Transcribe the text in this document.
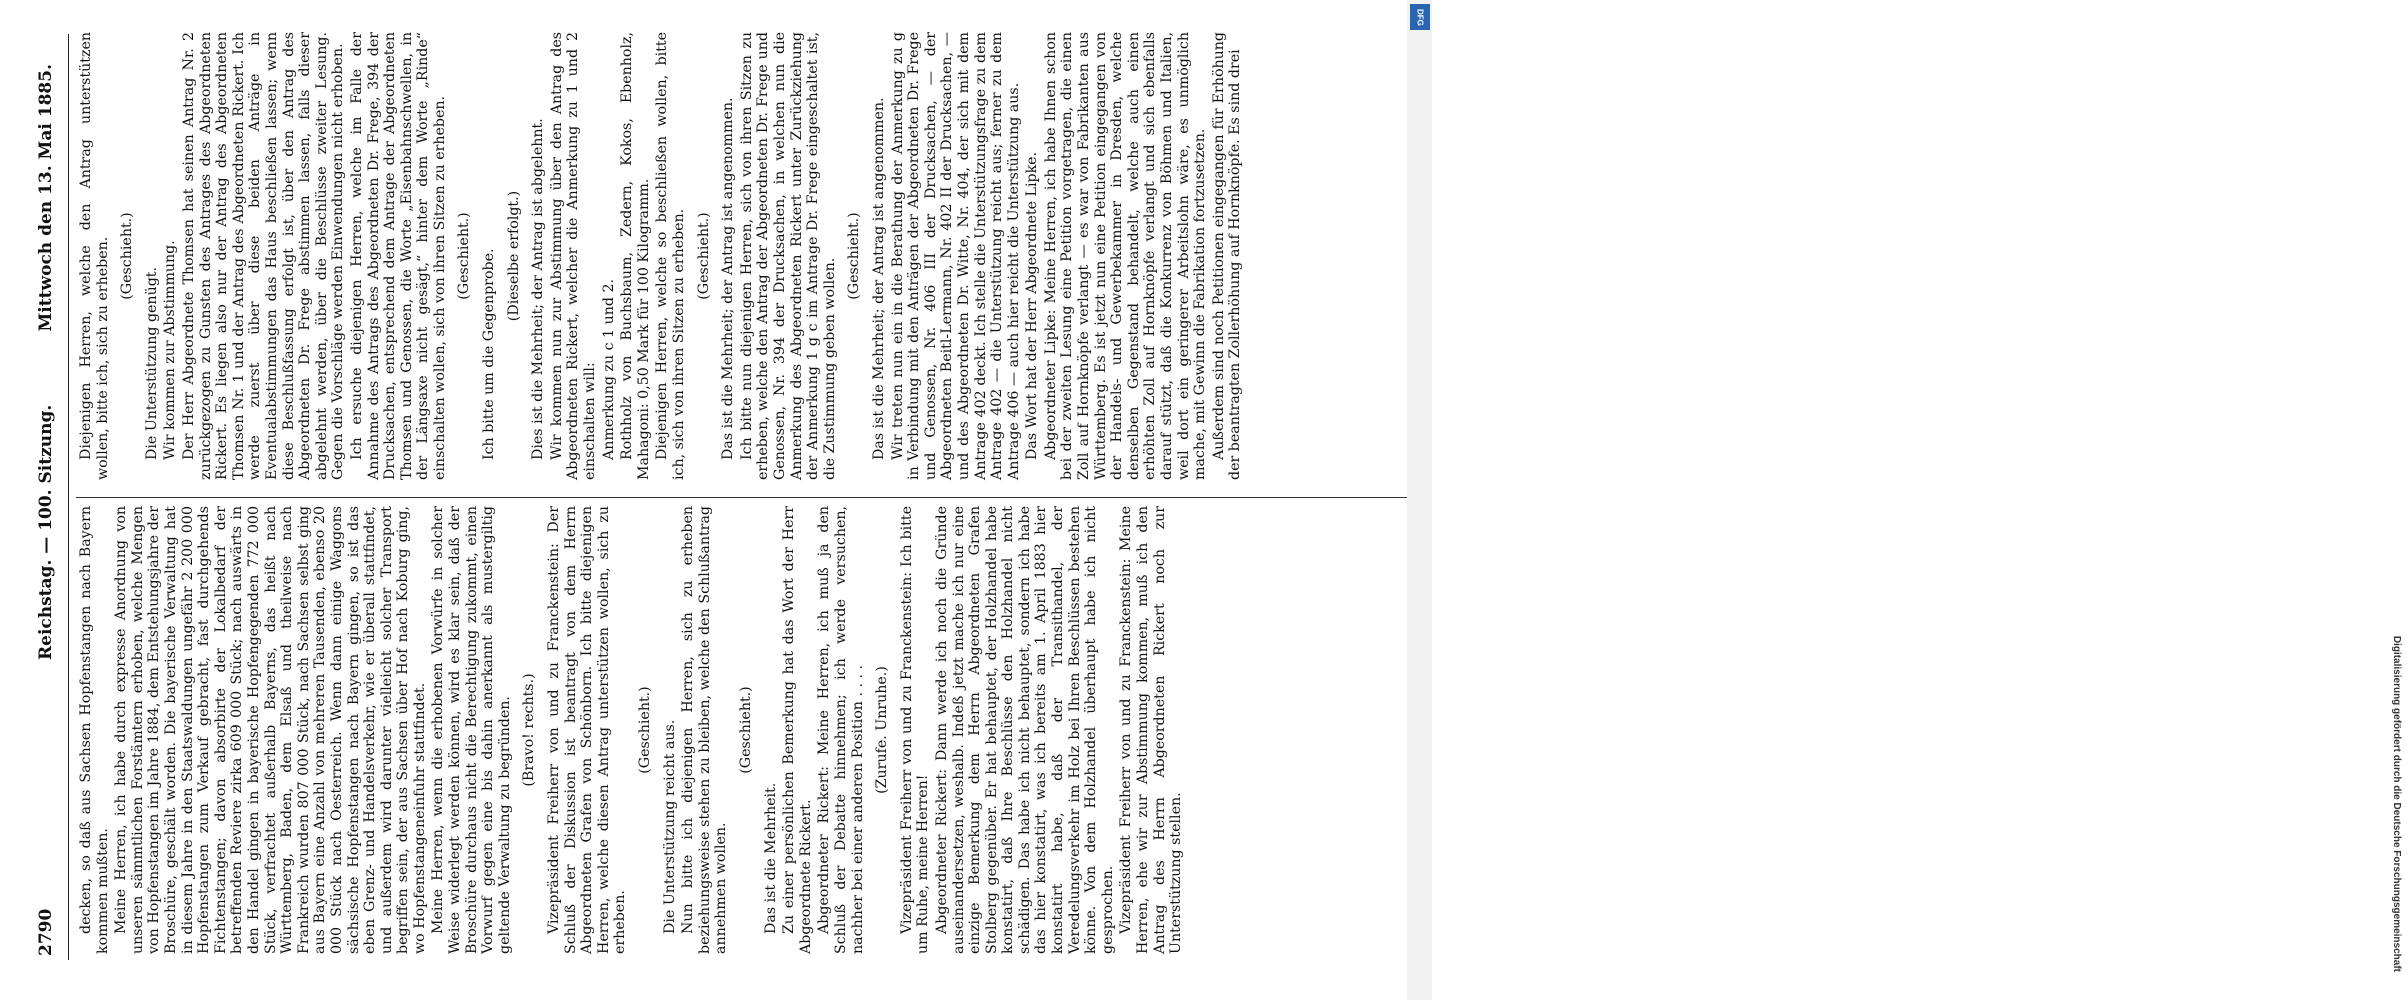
2790
Reichstag. — 100. Sitzung.
Mittwoch den 13. Mai 1885.

decken, so daß aus Sachsen Hopfenstangen nach Bayern kommen mußten. Meine Herren, ich habe durch expresse Anordnung von unseren sämmtlichen Forstämtern erhoben, welche Mengen von Hopfenstangen im Jahre 1884, dem Entstehungsjahre der Broschüre, geschält worden. Die bayerische Verwaltung hat in diesem Jahre in den Staatswaldungen ungefähr 2 200 000 Hopfenstangen zum Verkauf gebracht, fast durchgehends Fichtenstangen; davon absorbirte der Lokalbedarf der betreffenden Reviere zirka 609 000 Stück; nach auswärts in den Handel gingen in bayerische Hopfengegenden 772 000 Stück, verfrachtet außerhalb Bayerns, das heißt nach Württemberg, Baden, dem Elsaß und theilweise nach Frankreich wurden 807 000 Stück, nach Sachsen selbst ging aus Bayern eine Anzahl von mehreren Tausenden, ebenso 20 000 Stück nach Oesterreich. Wenn dann einige Waggons sächsische Hopfenstangen nach Bayern gingen, so ist das eben Grenz- und Handelsverkehr, wie er überall stattfindet, und außerdem wird darunter vielleicht solcher Transport begriffen sein, der aus Sachsen über Hof nach Koburg ging, wo Hopfenstangeneinfuhr stattfindet. Meine Herren, wenn die erhobenen Vorwürfe in solcher Weise widerlegt werden können, wird es klar sein, daß der Broschüre durchaus nicht die Berechtigung zukommt, einen Vorwurf gegen eine bis dahin anerkannt als mustergiltig geltende Verwaltung zu begründen. (Bravo! rechts.) Vizepräsident Freiherr von und zu Franckenstein: Der Schluß der Diskussion ist beantragt von dem Herrn Abgeordneten Grafen von Schönborn. Ich bitte diejenigen Herren, welche diesen Antrag unterstützen wollen, sich zu erheben.

(Geschieht.) Die Unterstützung reicht aus. Nun bitte ich diejenigen Herren, sich zu erheben beziehungsweise stehen zu bleiben, welche den Schlußantrag annehmen wollen.

(Geschieht.)

Das ist die Mehrheit. Zu einer persönlichen Bemerkung hat das Wort der Herr Abgeordnete Rickert. Abgeordneter Rickert: Meine Herren, ich muß ja den Schluß der Debatte hinnehmen; ich werde versuchen, nachher bei einer anderen Position . . . . (Zurufe. Unruhe.) Vizepräsident Freiherr von und zu Franckenstein: Ich bitte um Ruhe, meine Herren! Abgeordneter Rickert: Dann werde ich noch die Gründe auseinandersetzen, weshalb. Indeß jetzt mache ich nur eine einzige Bemerkung dem Herrn Abgeordneten Grafen Stolberg gegenüber. Er hat behauptet, der Holzhandel habe konstatirt, daß Ihre Beschlüsse den Holzhandel nicht schädigen. Das habe ich nicht behauptet, sondern ich habe das hier konstatirt, was ich bereits am 1. April 1883 hier konstatirt habe, daß der Transithandel, der Veredelungsverkehr im Holz bei Ihren Beschlüssen bestehen könne. Von dem Holzhandel überhaupt habe ich nicht gesprochen. Vizepräsident Freiherr von und zu Franckenstein: Meine Herren, ehe wir zur Abstimmung kommen, muß ich den Antrag des Herrn Abgeordneten Rickert noch zur Unterstützung stellen.

Diejenigen Herren, welche den Antrag unterstützen wollen, bitte ich, sich zu erheben. (Geschieht.)

Die Unterstützung genügt. Wir kommen zur Abstimmung. Der Herr Abgeordnete Thomsen hat seinen Antrag Nr. 2 zurückgezogen zu Gunsten des Antrages des Abgeordneten Rickert. Es liegen also nur der Antrag des Abgeordneten Thomsen Nr. 1 und der Antrag des Abgeordneten Rickert. Ich werde zuerst über diese beiden Anträge in Eventualabstimmungen das Haus beschließen lassen; wenn diese Beschlußfassung erfolgt ist, über den Antrag des Abgeordneten Dr. Frege abstimmen lassen, falls dieser abgelehnt werden, über die Beschlüsse zweiter Lesung. Gegen die Vorschläge werden Einwendungen nicht erhoben. Ich ersuche diejenigen Herren, welche im Falle der Annahme des Antrags des Abgeordneten Dr. Frege, 394 der Drucksachen, entsprechend dem Antrage der Abgeordneten Thomsen und Genossen, die Worte „Eisenbahnschwellen, in der Längsaxe nicht gesägt,“ hinter dem Worte „Rinde“ einschalten wollen, sich von ihren Sitzen zu erheben. (Geschieht.) Ich bitte um die Gegenprobe. (Dieselbe erfolgt.) Dies ist die Mehrheit; der Antrag ist abgelehnt. Wir kommen nun zur Abstimmung über den Antrag des Abgeordneten Rickert, welcher die Anmerkung zu 1 und 2 einschalten will: Anmerkung zu c 1 und 2. Rothholz von Buchsbaum, Zedern, Kokos, Ebenholz, Mahagoni: 0,50 Mark für 100 Kilogramm. Diejenigen Herren, welche so beschließen wollen, bitte ich, sich von ihren Sitzen zu erheben. (Geschieht.) Das ist die Mehrheit; der Antrag ist angenommen. Ich bitte nun diejenigen Herren, sich von ihren Sitzen zu erheben, welche den Antrag der Abgeordneten Dr. Frege und Genossen, Nr. 394 der Drucksachen, in welchen nun die Anmerkung des Abgeordneten Rickert unter Zurückziehung der Anmerkung 1 g c im Antrage Dr. Frege eingeschaltet ist, die Zustimmung geben wollen.

(Geschieht.) Das ist die Mehrheit; der Antrag ist angenommen. Wir treten nun ein in die Berathung der Anmerkung zu g in Verbindung mit den Anträgen der Abgeordneten Dr. Frege und Genossen, Nr. 406 III der Drucksachen, — der Abgeordneten Beitl-Lermann, Nr. 402 II der Drucksachen, — und des Abgeordneten Dr. Witte, Nr. 404, der sich mit dem Antrage 402 deckt. Ich stelle die Unterstützungsfrage zu dem Antrage 402 — die Unterstützung reicht aus; ferner zu dem Antrage 406 — auch hier reicht die Unterstützung aus. Das Wort hat der Herr Abgeordnete Lipke. Abgeordneter Lipke: Meine Herren, ich habe Ihnen schon bei der zweiten Lesung eine Petition vorgetragen, die einen Zoll auf Hornknöpfe verlangt — es war von Fabrikanten aus Württemberg. Es ist jetzt nun eine Petition eingegangen von der Handels- und Gewerbekammer in Dresden, welche denselben Gegenstand behandelt, welche auch einen erhöhten Zoll auf Hornknöpfe verlangt und sich ebenfalls darauf stützt, daß die Konkurrenz von Böhmen und Italien, weil dort ein geringerer Arbeitslohn wäre, es unmöglich mache, mit Gewinn die Fabrikation fortzusetzen. Außerdem sind noch Petitionen eingegangen für Erhöhung der beantragten Zollerhöhung auf Hornknöpfe. Es sind drei

Digitalisierung gefördert durch die Deutsche Forschungsgemeinschaft
DFG
